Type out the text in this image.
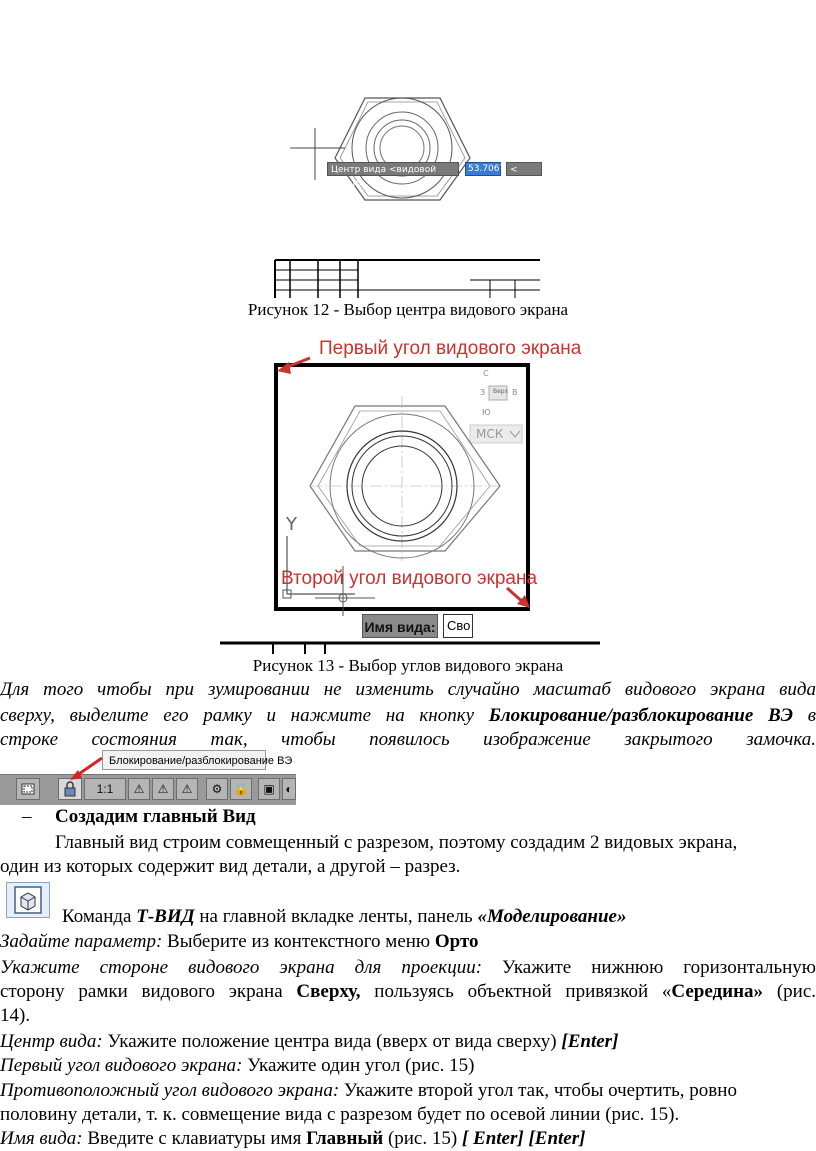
Центр вида <видовой экран>:
53.7067 < 181°
Рисунок 12 - Выбор центра видового экрана
Первый угол видового экрана
Второй угол видового экрана
С
З	В
Верх
Ю
МСК
Y
Имя вида: Сво
Рисунок 13 - Выбор углов видового экрана
Для того чтобы при зумировании не изменить случайно масштаб видового экрана вида
сверху, выделите его рамку и нажмите на кнопку Блокирование/разблокирование ВЭ в
строке состояния так, чтобы появилось изображение закрытого замочка.
Блокирование/разблокирование ВЭ
1:1	⚠	⚠	⚠	⚙ 🔒	▣ ◐
– Создадим главный Вид
Главный вид строим совмещенный с разрезом, поэтому создадим 2 видовых экрана,
один из которых содержит вид детали, а другой – разрез.
Команда Т-ВИД на главной вкладке ленты, панель «Моделирование»
Задайте параметр: Выберите из контекстного меню Орто
Укажите стороне видового экрана для проекции: Укажите нижнюю горизонтальную
сторону рамки видового экрана Сверху, пользуясь объектной привязкой «Середина» (рис.
14).
Центр вида: Укажите положение центра вида (вверх от вида сверху) [Enter]
Первый угол видового экрана: Укажите один угол (рис. 15)
Противоположный угол видового экрана: Укажите второй угол так, чтобы очертить, ровно
половину детали, т. к. совмещение вида с разрезом будет по осевой линии (рис. 15).
Имя вида: Введите с клавиатуры имя Главный (рис. 15) [ Enter] [Enter]
